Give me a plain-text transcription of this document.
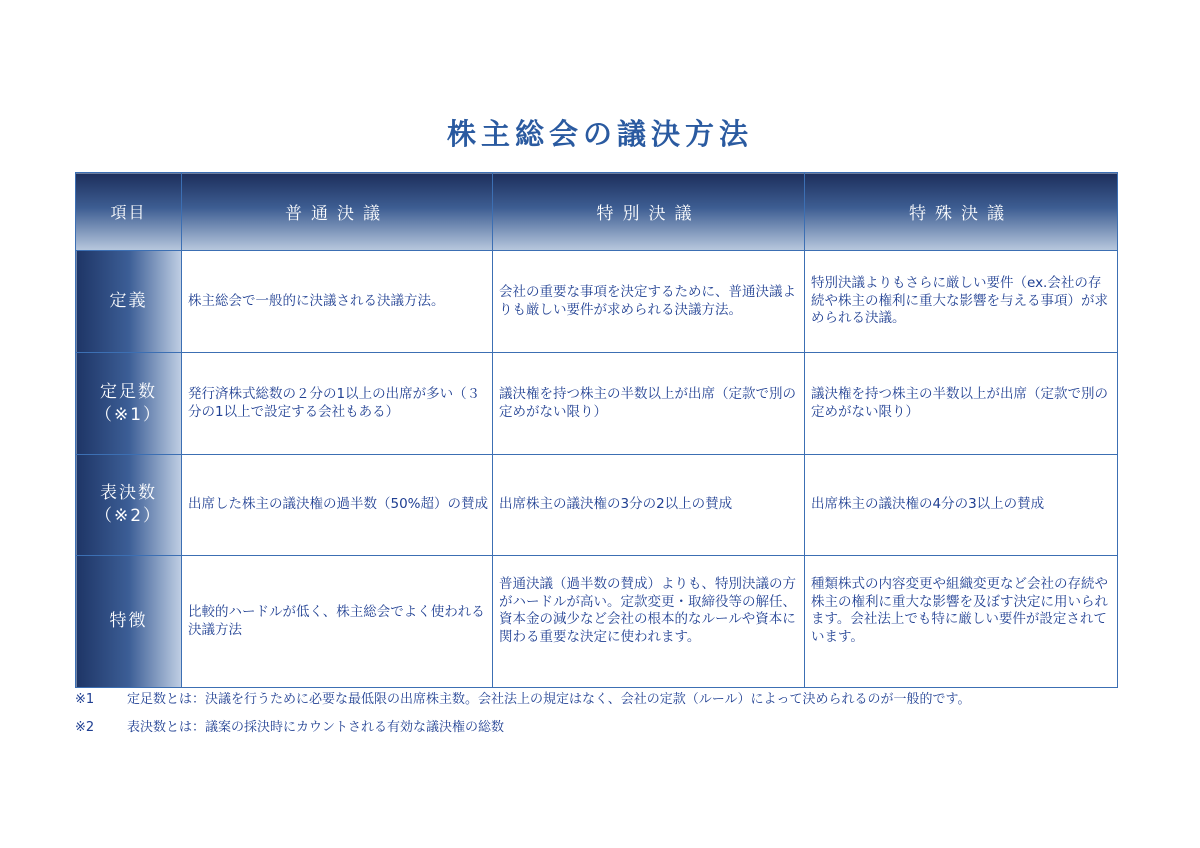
株主総会の議決方法
項目	普通決議	特別決議	特殊決議
定義	株主総会で一般的に決議される決議方法。	会社の重要な事項を決定するために、普通決議よりも厳しい要件が求められる決議方法。	特別決議よりもさらに厳しい要件（ex.会社の存続や株主の権利に重大な影響を与える事項）が求められる決議。

定足数
（※1）	発行済株式総数の２分の1以上の出席が多い（３分の1以上で設定する会社もある）	議決権を持つ株主の半数以上が出席（定款で別の定めがない限り）	議決権を持つ株主の半数以上が出席（定款で別の定めがない限り）

表決数
（※2）	出席した株主の議決権の過半数（50%超）の賛成	出席株主の議決権の3分の2以上の賛成	出席株主の議決権の4分の3以上の賛成
特徴	比較的ハードルが低く、株主総会でよく使われる決議方法	普通決議（過半数の賛成）よりも、特別決議の方がハードルが高い。定款変更・取締役等の解任、資本金の減少など会社の根本的なルールや資本に関わる重要な決定に使われます。	種類株式の内容変更や組織変更など会社の存続や株主の権利に重大な影響を及ぼす決定に用いられます。会社法上でも特に厳しい要件が設定されています。
※1	定足数とは：決議を行うために必要な最低限の出席株主数。会社法上の規定はなく、会社の定款（ルール）によって決められるのが一般的です。
※2	表決数とは：議案の採決時にカウントされる有効な議決権の総数
